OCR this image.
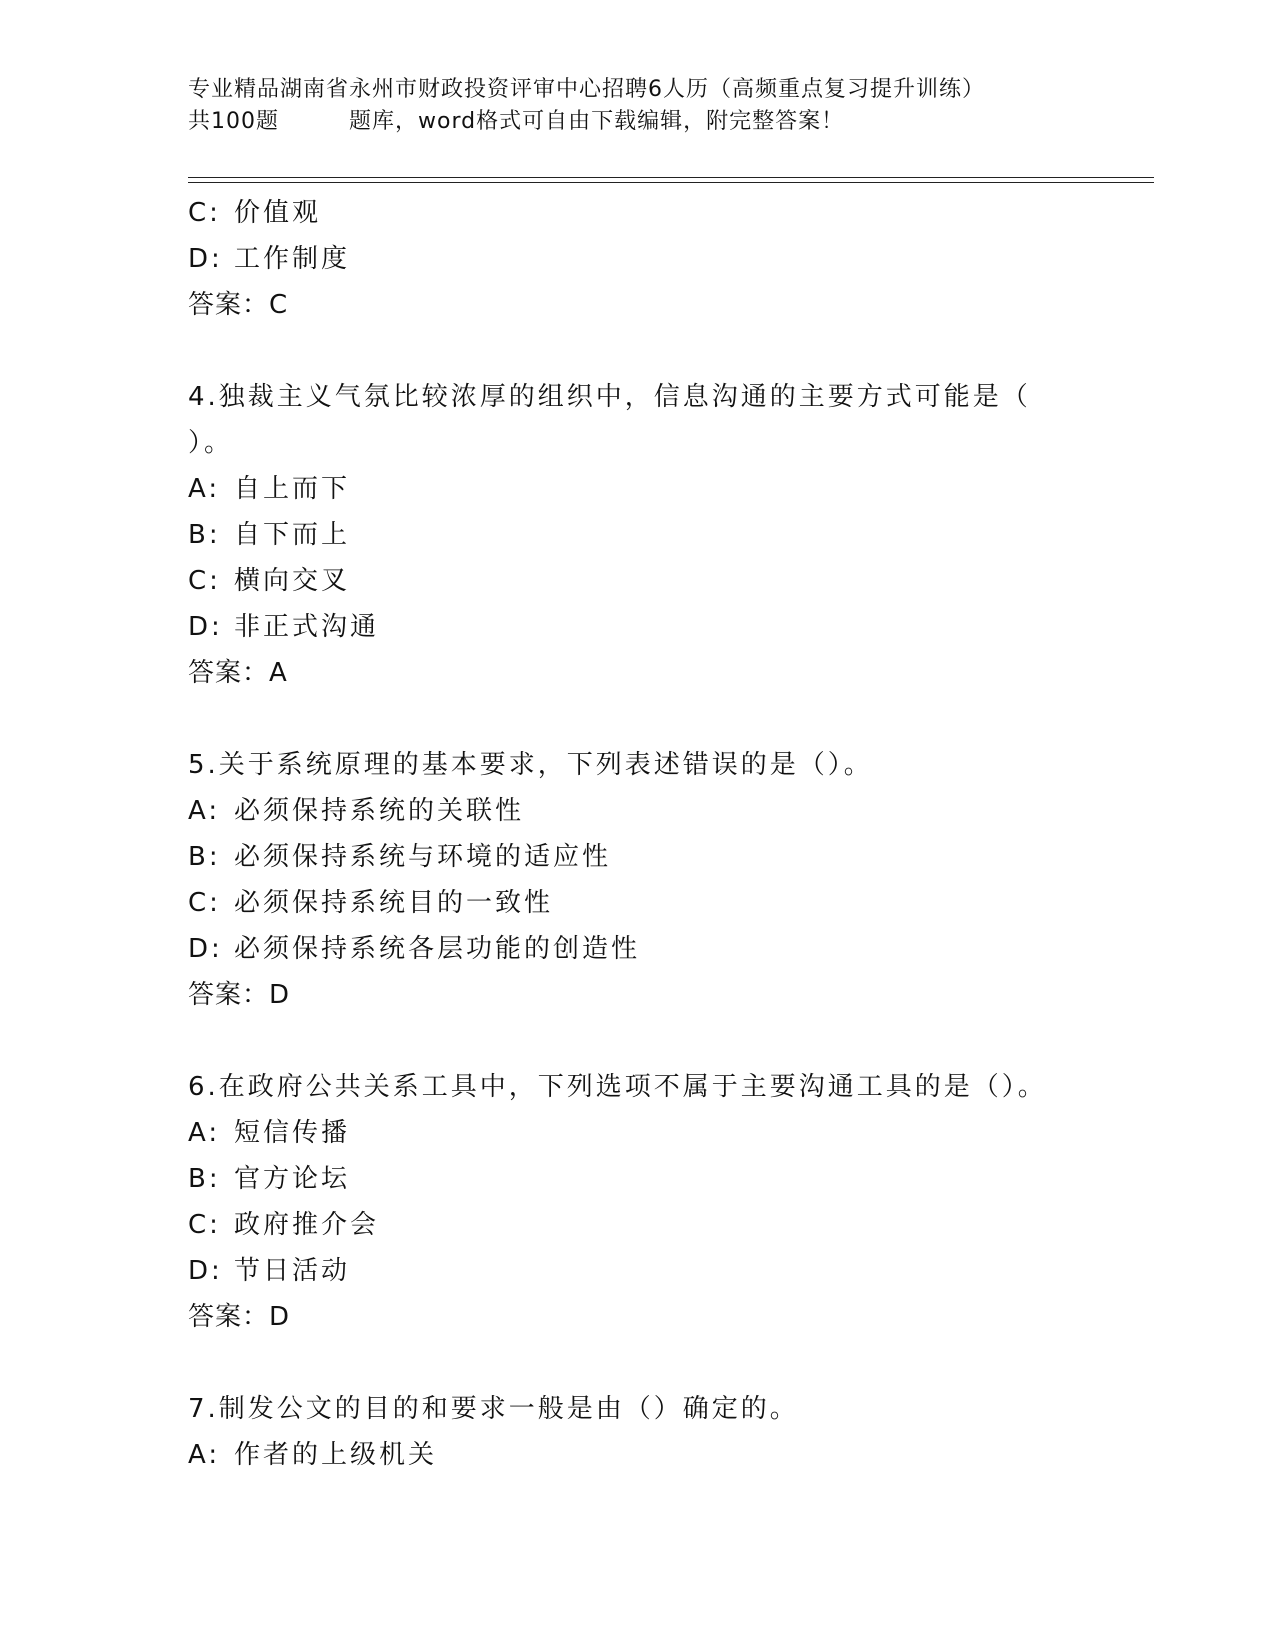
专业精品湖南省永州市财政投资评审中心招聘6人历（高频重点复习提升训练）
共100题	题库，word格式可自由下载编辑，附完整答案！
C: 价值观
D: 工作制度
答案：C
4.独裁主义气氛比较浓厚的组织中，信息沟通的主要方式可能是（
）。
A: 自上而下
B: 自下而上
C: 横向交叉
D: 非正式沟通
答案：A
5.关于系统原理的基本要求，下列表述错误的是（）。
A: 必须保持系统的关联性
B: 必须保持系统与环境的适应性
C: 必须保持系统目的一致性
D: 必须保持系统各层功能的创造性
答案：D
6.在政府公共关系工具中，下列选项不属于主要沟通工具的是（）。
A: 短信传播
B: 官方论坛
C: 政府推介会
D: 节日活动
答案：D
7.制发公文的目的和要求一般是由（）确定的。
A: 作者的上级机关
